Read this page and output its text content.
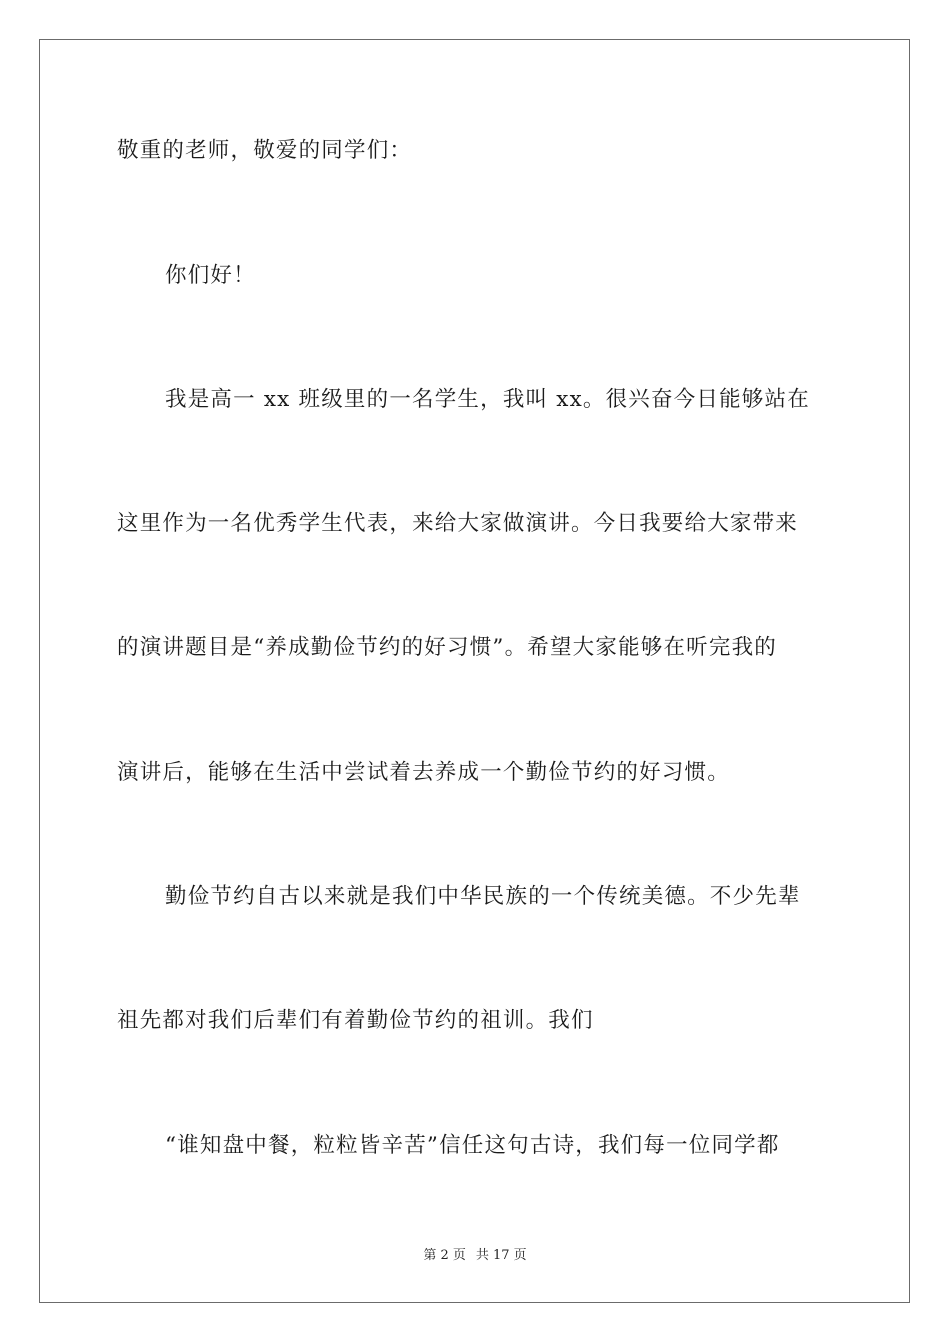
敬重的老师，敬爱的同学们：
你们好！
我是高一 xx 班级里的一名学生，我叫 xx。很兴奋今日能够站在
这里作为一名优秀学生代表，来给大家做演讲。今日我要给大家带来
的演讲题目是“养成勤俭节约的好习惯”。希望大家能够在听完我的
演讲后，能够在生活中尝试着去养成一个勤俭节约的好习惯。
勤俭节约自古以来就是我们中华民族的一个传统美德。不少先辈
祖先都对我们后辈们有着勤俭节约的祖训。我们
“谁知盘中餐，粒粒皆辛苦”信任这句古诗，我们每一位同学都
第 2 页 共 17 页
